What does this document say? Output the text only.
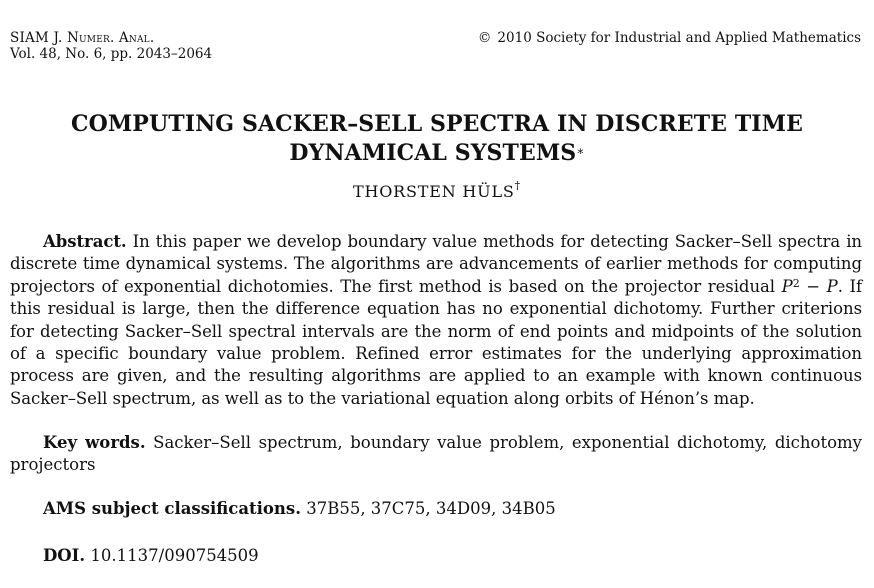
SIAM J. Numer. Anal.
Vol. 48, No. 6, pp. 2043–2064
© 2010 Society for Industrial and Applied Mathematics
COMPUTING SACKER–SELL SPECTRA IN DISCRETE TIME
DYNAMICAL SYSTEMS∗
THORSTEN HÜLS†
Abstract. In this paper we develop boundary value methods for detecting Sacker–Sell spectra in discrete time dynamical systems. The algorithms are advancements of earlier methods for computing projectors of exponential dichotomies. The first method is based on the projector residual $P^2 - P$. If this residual is large, then the difference equation has no exponential dichotomy. Further criterions for detecting Sacker–Sell spectral intervals are the norm of end points and midpoints of the solution of a specific boundary value problem. Refined error estimates for the underlying approximation process are given, and the resulting algorithms are applied to an example with known continuous Sacker–Sell spectrum, as well as to the variational equation along orbits of Hénon’s map.
Key words. Sacker–Sell spectrum, boundary value problem, exponential dichotomy, dichotomy projectors
AMS subject classifications. 37B55, 37C75, 34D09, 34B05
DOI. 10.1137/090754509
